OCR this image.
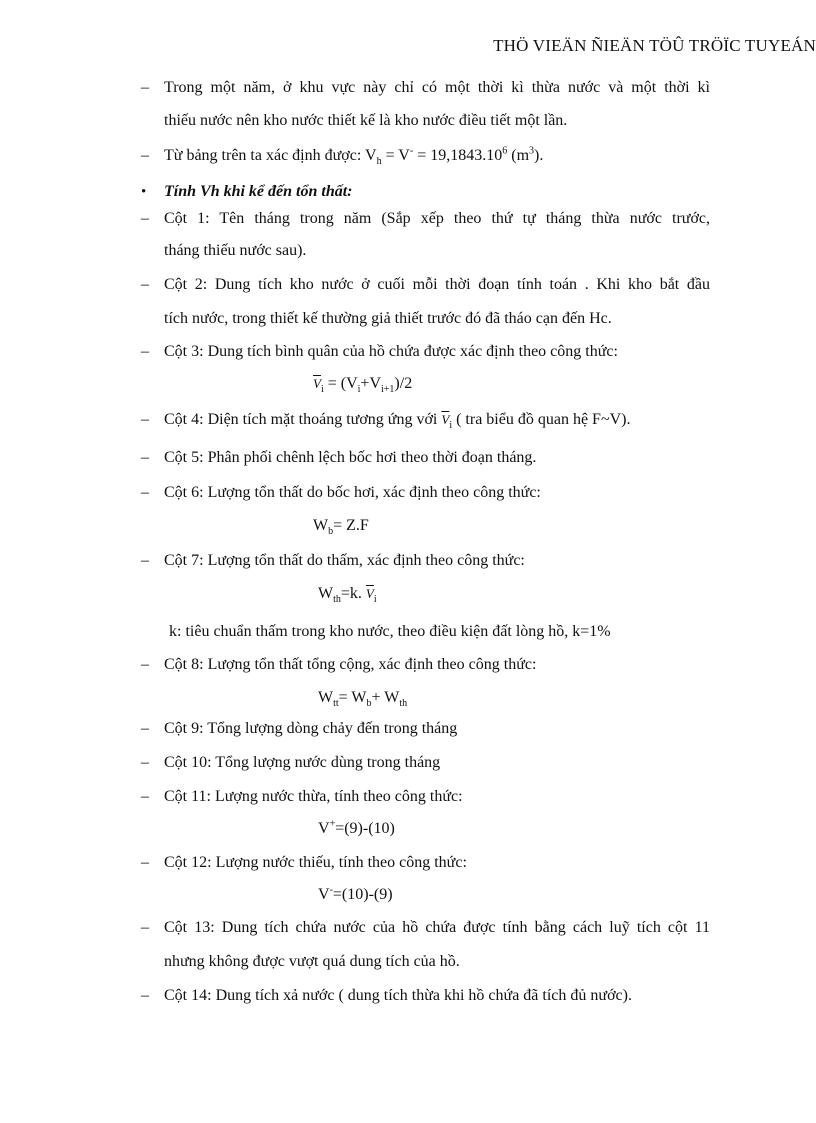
THÖ VIEÄN ÑIEÄN TÖÛ TRÖÏC TUYEÁN
– Trong một năm, ở khu vực này chỉ có một thời kì thừa nước và một thời kì
thiếu nước nên kho nước thiết kế là kho nước điều tiết một lần.
– Từ bảng trên ta xác định được: $V_h = V^- = 19,1843.10^6$ $(m^3)$.
• Tính Vh khi kể đến tổn thất:
– Cột 1: Tên tháng trong năm (Sắp xếp theo thứ tự tháng thừa nước trước,
tháng thiếu nước sau).
– Cột 2: Dung tích kho nước ở cuối mỗi thời đoạn tính toán . Khi kho bắt đầu
tích nước, trong thiết kế thường giả thiết trước đó đã tháo cạn đến Hc.
– Cột 3: Dung tích bình quân của hồ chứa được xác định theo công thức:
$\overline{V}_i = (V_i+V_{i+1})/2$
– Cột 4: Diện tích mặt thoáng tương ứng với $\overline{V}_i$ ( tra biểu đồ quan hệ F~V).
– Cột 5: Phân phối chênh lệch bốc hơi theo thời đoạn tháng.
– Cột 6: Lượng tổn thất do bốc hơi, xác định theo công thức:
$W_b= Z.F$
– Cột 7: Lượng tổn thất do thấm, xác định theo công thức:
$W_{th}=k$. $\overline{V}_i$
k: tiêu chuẩn thấm trong kho nước, theo điều kiện đất lòng hồ, k=1%
– Cột 8: Lượng tổn thất tổng cộng, xác định theo công thức:
$W_{tt}= W_b+ W_{th}$
– Cột 9: Tổng lượng dòng chảy đến trong tháng
– Cột 10: Tổng lượng nước dùng trong tháng
– Cột 11: Lượng nước thừa, tính theo công thức:
V+=(9)-(10)
– Cột 12: Lượng nước thiếu, tính theo công thức:
V-=(10)-(9)
– Cột 13: Dung tích chứa nước của hồ chứa được tính bằng cách luỹ tích cột 11
nhưng không được vượt quá dung tích của hồ.
– Cột 14: Dung tích xả nước ( dung tích thừa khi hồ chứa đã tích đủ nước).
